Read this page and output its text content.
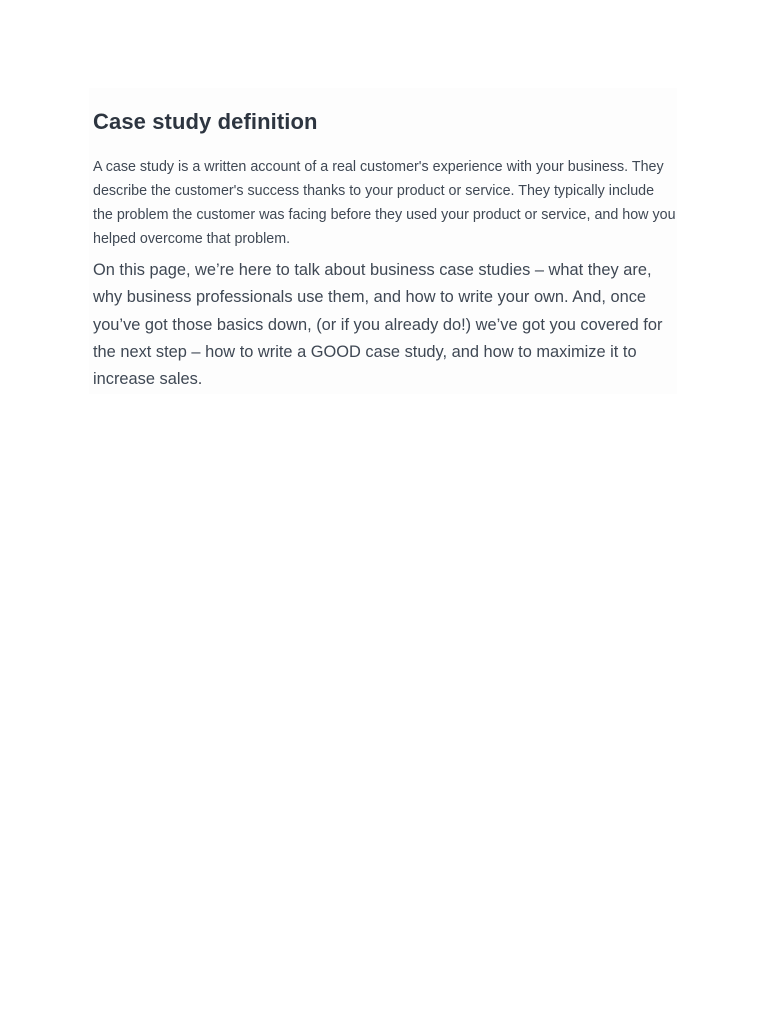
Case study definition

A case study is a written account of a real customer's experience with your business. They describe the customer's success thanks to your product or service. They typically include the problem the customer was facing before they used your product or service, and how you helped overcome that problem.

On this page, we’re here to talk about business case studies – what they are, why business professionals use them, and how to write your own. And, once you’ve got those basics down, (or if you already do!) we’ve got you covered for the next step – how to write a GOOD case study, and how to maximize it to increase sales.
